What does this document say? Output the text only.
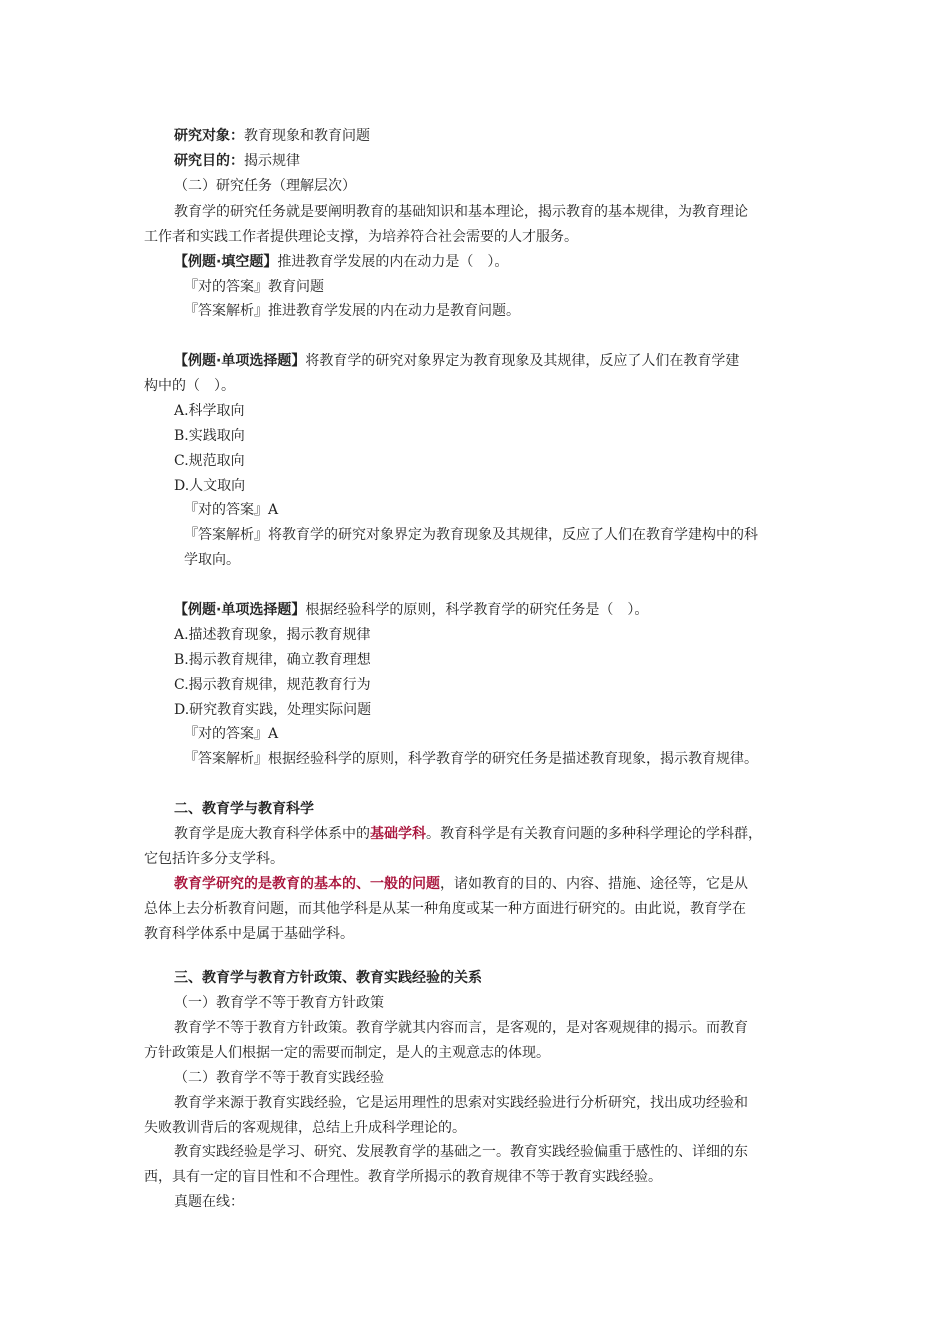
研究对象：教育现象和教育问题
研究目的：揭示规律
（二）研究任务（理解层次）
教育学的研究任务就是要阐明教育的基础知识和基本理论，揭示教育的基本规律，为教育理论
工作者和实践工作者提供理论支撑，为培养符合社会需要的人才服务。
【例题·填空题】推进教育学发展的内在动力是（　）。
『对的答案』教育问题
『答案解析』推进教育学发展的内在动力是教育问题。
【例题·单项选择题】将教育学的研究对象界定为教育现象及其规律，反应了人们在教育学建
构中的（　）。
A.科学取向
B.实践取向
C.规范取向
D.人文取向
『对的答案』A
『答案解析』将教育学的研究对象界定为教育现象及其规律，反应了人们在教育学建构中的科
学取向。
【例题·单项选择题】根据经验科学的原则，科学教育学的研究任务是（　）。
A.描述教育现象，揭示教育规律
B.揭示教育规律，确立教育理想
C.揭示教育规律，规范教育行为
D.研究教育实践，处理实际问题
『对的答案』A
『答案解析』根据经验科学的原则，科学教育学的研究任务是描述教育现象，揭示教育规律。
二、教育学与教育科学
教育学是庞大教育科学体系中的基础学科。教育科学是有关教育问题的多种科学理论的学科群，
它包括许多分支学科。
教育学研究的是教育的基本的、一般的问题，诸如教育的目的、内容、措施、途径等，它是从
总体上去分析教育问题，而其他学科是从某一种角度或某一种方面进行研究的。由此说，教育学在
教育科学体系中是属于基础学科。
三、教育学与教育方针政策、教育实践经验的关系
（一）教育学不等于教育方针政策
教育学不等于教育方针政策。教育学就其内容而言，是客观的，是对客观规律的揭示。而教育
方针政策是人们根据一定的需要而制定，是人的主观意志的体现。
（二）教育学不等于教育实践经验
教育学来源于教育实践经验，它是运用理性的思索对实践经验进行分析研究，找出成功经验和
失败教训背后的客观规律，总结上升成科学理论的。
教育实践经验是学习、研究、发展教育学的基础之一。教育实践经验偏重于感性的、详细的东
西，具有一定的盲目性和不合理性。教育学所揭示的教育规律不等于教育实践经验。
真题在线：
